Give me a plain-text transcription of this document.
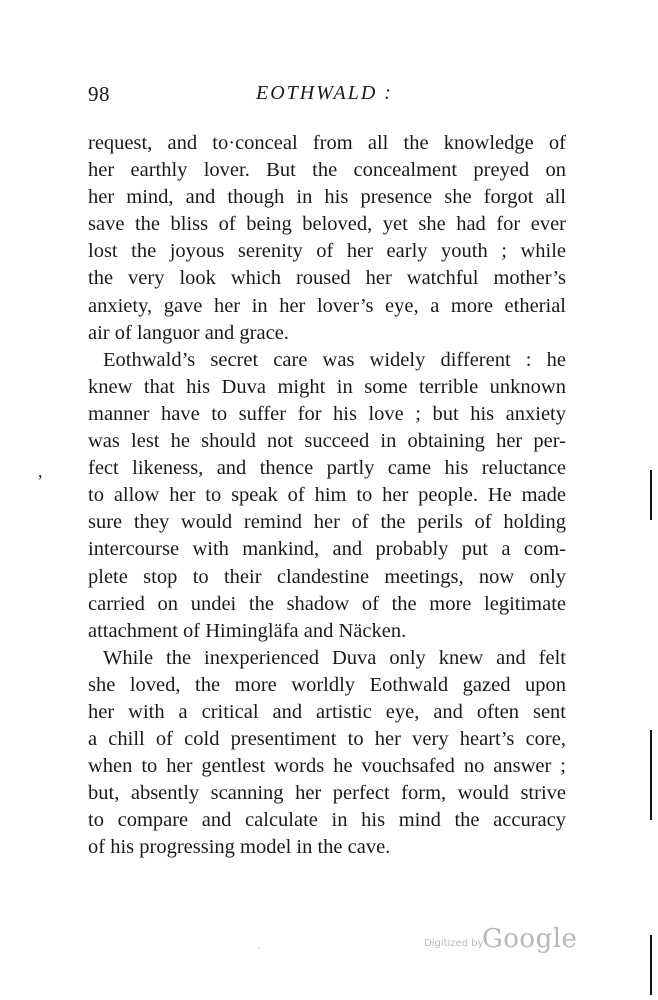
98	EOTHWALD :
request, and to·conceal from all the knowledge of
her earthly lover. But the concealment preyed on
her mind, and though in his presence she forgot all
save the bliss of being beloved, yet she had for ever
lost the joyous serenity of her early youth ; while
the very look which roused her watchful mother’s
anxiety, gave her in her lover’s eye, a more etherial
air of languor and grace.
Eothwald’s secret care was widely different : he
knew that his Duva might in some terrible unknown
manner have to suffer for his love ; but his anxiety
was lest he should not succeed in obtaining her per-
fect likeness, and thence partly came his reluctance
to allow her to speak of him to her people. He made
sure they would remind her of the perils of holding
intercourse with mankind, and probably put a com-
plete stop to their clandestine meetings, now only
carried on undei the shadow of the more legitimate
attachment of Himingläfa and Näcken.
While the inexperienced Duva only knew and felt
she loved, the more worldly Eothwald gazed upon
her with a critical and artistic eye, and often sent
a chill of cold presentiment to her very heart’s core,
when to her gentlest words he vouchsafed no answer ;
but, absently scanning her perfect form, would strive
to compare and calculate in his mind the accuracy
of his progressing model in the cave.
,
.	Digitized by
Google
